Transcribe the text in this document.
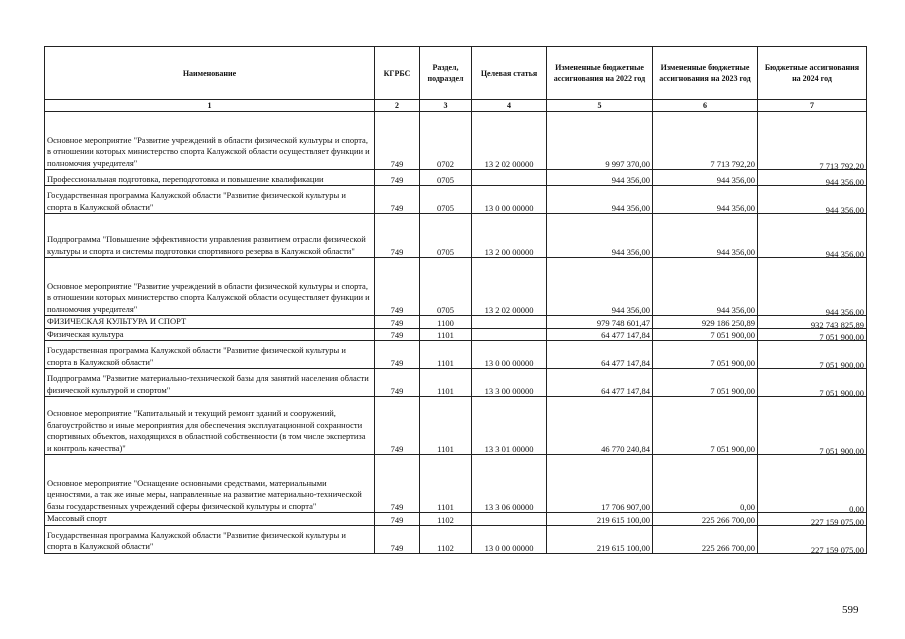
Наименование	КГРБС	Раздел, подраздел	Целевая статья	Измененные бюджетные ассигнования на 2022 год	Измененные бюджетные ассигнования на 2023 год	Бюджетные ассигнования на 2024 год
1	2	3	4	5	6	7
Основное мероприятие "Развитие учреждений в области физической культуры и спорта, в отношении которых министерство спорта Калужской области осуществляет функции и полномочия учредителя"	749	0702	13 2 02 00000	9 997 370,00	7 713 792,20	7 713 792,20
Профессиональная подготовка, переподготовка и повышение квалификации	749	0705		944 356,00	944 356,00	944 356,00
Государственная программа Калужской области "Развитие физической культуры и спорта в Калужской области"	749	0705	13 0 00 00000	944 356,00	944 356,00	944 356,00
Подпрограмма "Повышение эффективности управления развитием отрасли физической культуры и спорта и системы подготовки спортивного резерва в Калужской области"	749	0705	13 2 00 00000	944 356,00	944 356,00	944 356,00
Основное мероприятие "Развитие учреждений в области физической культуры и спорта, в отношении которых министерство спорта Калужской области осуществляет функции и полномочия учредителя"	749	0705	13 2 02 00000	944 356,00	944 356,00	944 356,00
ФИЗИЧЕСКАЯ КУЛЬТУРА И СПОРТ	749	1100		979 748 601,47	929 186 250,89	932 743 825,89
Физическая культура	749	1101		64 477 147,84	7 051 900,00	7 051 900,00
Государственная программа Калужской области "Развитие физической культуры и спорта в Калужской области"	749	1101	13 0 00 00000	64 477 147,84	7 051 900,00	7 051 900,00
Подпрограмма "Развитие материально-технической базы для занятий населения области физической культурой и спортом"	749	1101	13 3 00 00000	64 477 147,84	7 051 900,00	7 051 900,00
Основное мероприятие "Капитальный и текущий ремонт зданий и сооружений, благоустройство и иные мероприятия для обеспечения эксплуатационной сохранности спортивных объектов, находящихся в областной собственности (в том числе экспертиза и контроль качества)"	749	1101	13 3 01 00000	46 770 240,84	7 051 900,00	7 051 900,00
Основное мероприятие "Оснащение основными средствами, материальными ценностями, а так же иные меры, направленные на развитие материально-технической базы государственных учреждений сферы физической культуры и спорта"	749	1101	13 3 06 00000	17 706 907,00	0,00	0,00
Массовый спорт	749	1102		219 615 100,00	225 266 700,00	227 159 075,00
Государственная программа Калужской области "Развитие физической культуры и спорта в Калужской области"	749	1102	13 0 00 00000	219 615 100,00	225 266 700,00	227 159 075,00
599
